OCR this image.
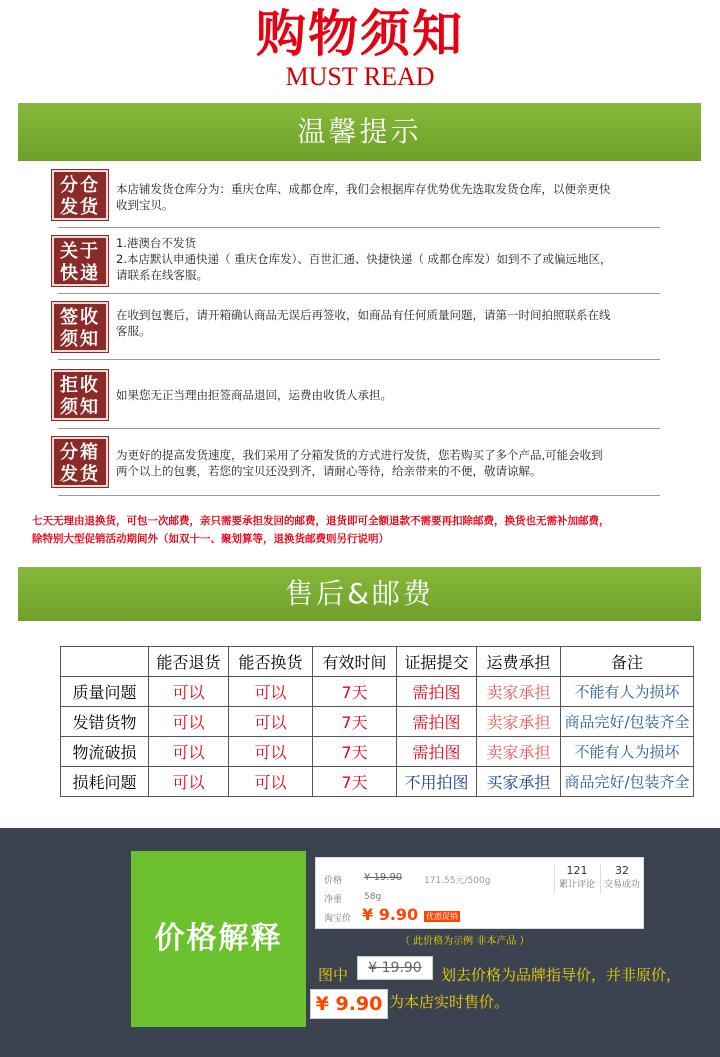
购物须知
MUST READ
温馨提示
分仓
发货
本店铺发货仓库分为：重庆仓库、成都仓库，我们会根据库存优势优先选取发货仓库，以便亲更快
收到宝贝。
关于
快递
1.港澳台不发货
2.本店默认申通快递（ 重庆仓库发）、百世汇通、快捷快递（ 成都仓库发）如到不了或偏远地区，
请联系在线客服。
签收
须知
在收到包裹后，请开箱确认商品无误后再签收，如商品有任何质量问题，请第一时间拍照联系在线
客服。
拒收
须知
如果您无正当理由拒签商品退回，运费由收货人承担。
分箱
发货
为更好的提高发货速度，我们采用了分箱发货的方式进行发货，您若购买了多个产品,可能会收到
两个以上的包裹，若您的宝贝还没到齐，请耐心等待，给亲带来的不便，敬请谅解。
七天无理由退换货，可包一次邮费，亲只需要承担发回的邮费，退货即可全额退款不需要再扣除邮费，换货也无需补加邮费，
除特别大型促销活动期间外（如双十一、聚划算等，退换货邮费则另行说明）
售后&邮费
	能否退货	能否换货	有效时间	证据提交	运费承担	备注
质量问题	可以	可以	7天	需拍图	卖家承担	不能有人为损坏
发错货物	可以	可以	7天	需拍图	卖家承担	商品完好/包装齐全
物流破损	可以	可以	7天	需拍图	卖家承担	不能有人为损坏
损耗问题	可以	可以	7天	不用拍图	买家承担	商品完好/包装齐全
价格解释
价格 ¥ 19.90 171.55元/500g
净重 58g
淘宝价 ¥ 9.90 优惠促销
121
累计评论
32
交易成功
（ 此价格为示例 非本产品 ）
图中	¥ 19.90	划去价格为品牌指导价，并非原价，
¥ 9.90 为本店实时售价。
